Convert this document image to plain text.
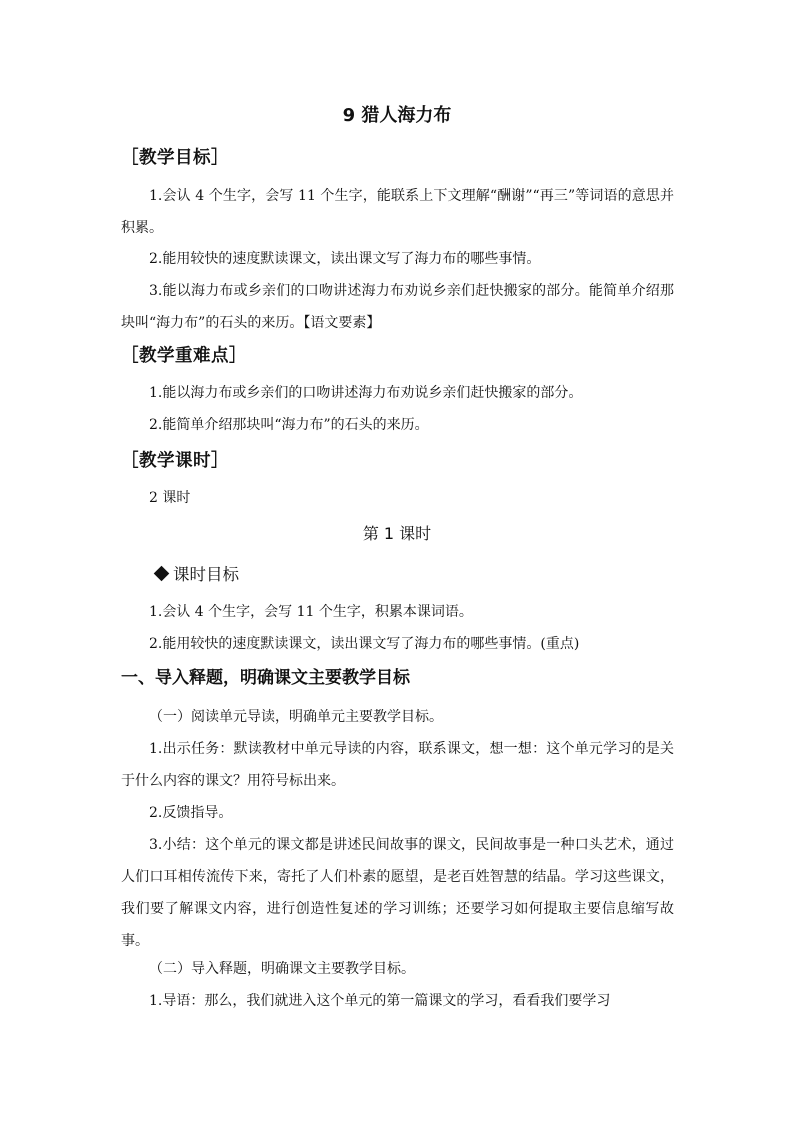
9 猎人海力布
［教学目标］
1.会认 4 个生字，会写 11 个生字，能联系上下文理解“酬谢”“再三”等词语的意思并积累。
2.能用较快的速度默读课文，读出课文写了海力布的哪些事情。
3.能以海力布或乡亲们的口吻讲述海力布劝说乡亲们赶快搬家的部分。能简单介绍那块叫“海力布”的石头的来历。【语文要素】
［教学重难点］
1.能以海力布或乡亲们的口吻讲述海力布劝说乡亲们赶快搬家的部分。
2.能简单介绍那块叫“海力布”的石头的来历。
［教学课时］
2 课时
第 1 课时
课时目标
1.会认 4 个生字，会写 11 个生字，积累本课词语。
2.能用较快的速度默读课文，读出课文写了海力布的哪些事情。(重点)
一、导入释题，明确课文主要教学目标
（一）阅读单元导读，明确单元主要教学目标。
1.出示任务：默读教材中单元导读的内容，联系课文，想一想：这个单元学习的是关于什么内容的课文？用符号标出来。
2.反馈指导。
3.小结：这个单元的课文都是讲述民间故事的课文，民间故事是一种口头艺术，通过人们口耳相传流传下来，寄托了人们朴素的愿望，是老百姓智慧的结晶。学习这些课文，我们要了解课文内容，进行创造性复述的学习训练；还要学习如何提取主要信息缩写故事。
（二）导入释题，明确课文主要教学目标。
1.导语：那么，我们就进入这个单元的第一篇课文的学习，看看我们要学习
